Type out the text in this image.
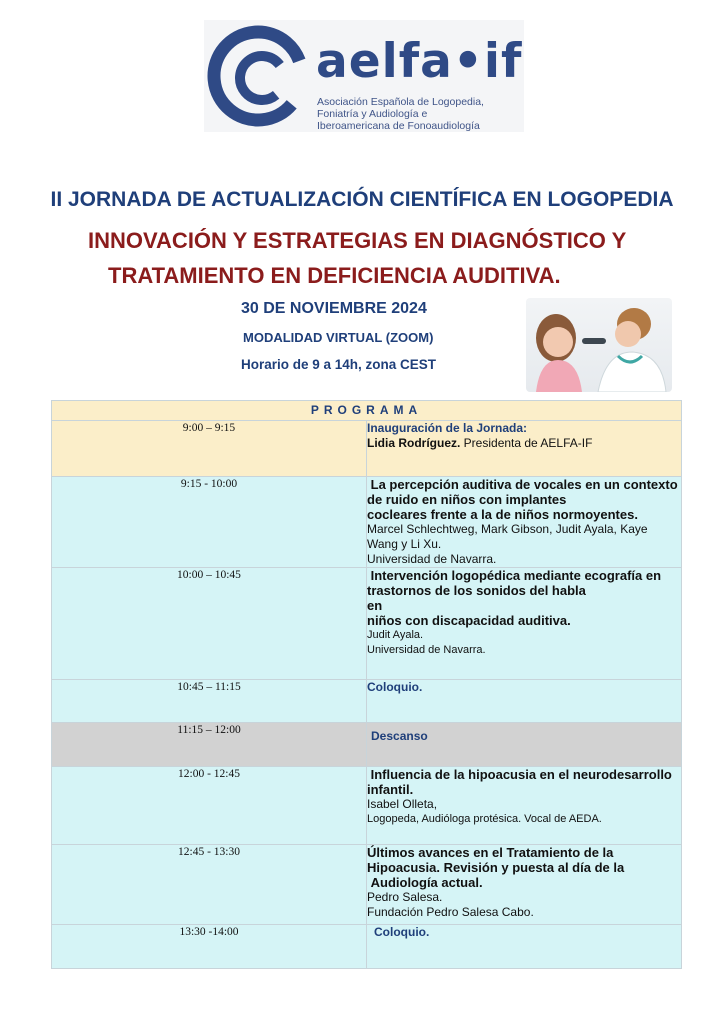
aelfa•if
Asociación Española de Logopedia,
Foniatría y Audiología e
Iberoamericana de Fonoaudiología
II JORNADA DE ACTUALIZACIÓN CIENTÍFICA EN LOGOPEDIA
INNOVACIÓN Y ESTRATEGIAS EN DIAGNÓSTICO Y
TRATAMIENTO EN DEFICIENCIA AUDITIVA.
30 DE NOVIEMBRE 2024
MODALIDAD VIRTUAL (ZOOM)
Horario de 9 a 14h, zona CEST
PROGRAMA	
9:00 – 9:15	Inauguración de la Jornada:
Lidia Rodríguez. Presidenta de AELFA-IF

9:15 - 10:00	La percepción auditiva de vocales en un contexto de ruido en niños con implantes
cocleares frente a la de niños normoyentes.
Marcel Schlechtweg, Mark Gibson, Judit Ayala, Kaye Wang y Li Xu.
Universidad de Navarra.

10:00 – 10:45	Intervención logopédica mediante ecografía en trastornos de los sonidos del habla
en
niños con discapacidad auditiva.
Judit Ayala.
Universidad de Navarra.

10:45 – 11:15	Coloquio.

11:15 – 12:00	Descanso

12:00 - 12:45	Influencia de la hipoacusia en el neurodesarrollo infantil.
Isabel Olleta,
Logopeda, Audióloga protésica. Vocal de AEDA.

12:45 - 13:30	Últimos avances en el Tratamiento de la Hipoacusia. Revisión y puesta al día de la
Audiología actual.
Pedro Salesa.
Fundación Pedro Salesa Cabo.

13:30 -14:00	Coloquio.
